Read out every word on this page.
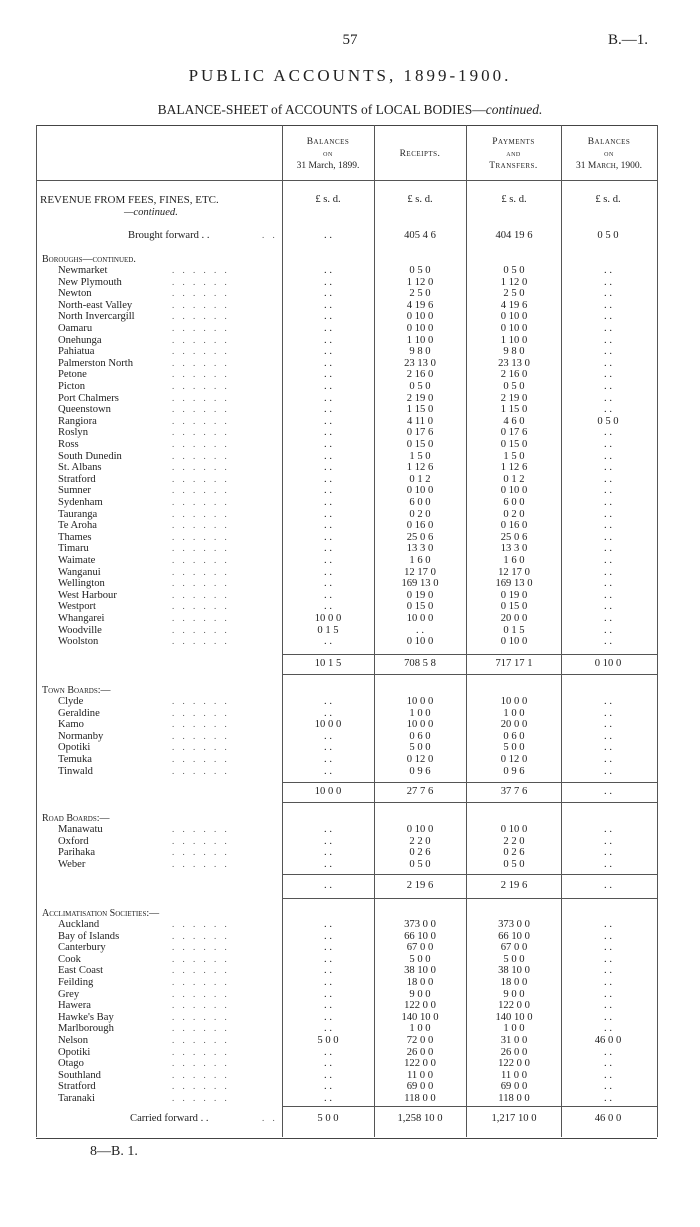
57	B.—1.
PUBLIC ACCOUNTS, 1899-1900.
BALANCE-SHEET of ACCOUNTS of LOCAL BODIES—continued.
Balances
on
31 March, 1899.
Receipts.
Payments
and
Transfers.
Balances
on
31 March, 1900.
£ s. d.	£ s. d.	£ s. d.	£ s. d.
REVENUE FROM FEES, FINES, ETC.
—continued.
Brought forward . .	. .	. .	405 4 6	404 19 6	0 5 0
Boroughs—continued.
Newmarket	. . . . . .	. .	0 5 0	0 5 0	. .
New Plymouth	. . . . . .	. .	1 12 0	1 12 0	. .
Newton	. . . . . .	. .	2 5 0	2 5 0	. .
North-east Valley	. . . . . .	. .	4 19 6	4 19 6	. .
North Invercargill	. . . . . .	. .	0 10 0	0 10 0	. .
Oamaru	. . . . . .	. .	0 10 0	0 10 0	. .
Onehunga	. . . . . .	. .	1 10 0	1 10 0	. .
Pahiatua	. . . . . .	. .	9 8 0	9 8 0	. .
Palmerston North	. . . . . .	. .	23 13 0	23 13 0	. .
Petone	. . . . . .	. .	2 16 0	2 16 0	. .
Picton	. . . . . .	. .	0 5 0	0 5 0	. .
Port Chalmers	. . . . . .	. .	2 19 0	2 19 0	. .
Queenstown	. . . . . .	. .	1 15 0	1 15 0	. .
Rangiora	. . . . . .	. .	4 11 0	4 6 0	0 5 0
Roslyn	. . . . . .	. .	0 17 6	0 17 6	. .
Ross	. . . . . .	. .	0 15 0	0 15 0	. .
South Dunedin	. . . . . .	. .	1 5 0	1 5 0	. .
St. Albans	. . . . . .	. .	1 12 6	1 12 6	. .
Stratford	. . . . . .	. .	0 1 2	0 1 2	. .
Sumner	. . . . . .	. .	0 10 0	0 10 0	. .
Sydenham	. . . . . .	. .	6 0 0	6 0 0	. .
Tauranga	. . . . . .	. .	0 2 0	0 2 0	. .
Te Aroha	. . . . . .	. .	0 16 0	0 16 0	. .
Thames	. . . . . .	. .	25 0 6	25 0 6	. .
Timaru	. . . . . .	. .	13 3 0	13 3 0	. .
Waimate	. . . . . .	. .	1 6 0	1 6 0	. .
Wanganui	. . . . . .	. .	12 17 0	12 17 0	. .
Wellington	. . . . . .	. .	169 13 0	169 13 0	. .
West Harbour	. . . . . .	. .	0 19 0	0 19 0	. .
Westport	. . . . . .	. .	0 15 0	0 15 0	. .
Whangarei	. . . . . .	10 0 0	10 0 0	20 0 0	. .
Woodville	. . . . . .	0 1 5	. .	0 1 5	. .
Woolston	. . . . . .	. .	0 10 0	0 10 0	. .
10 1 5	708 5 8	717 17 1	0 10 0
Town Boards:—
Clyde	. . . . . .	. .	10 0 0	10 0 0	. .
Geraldine	. . . . . .	. .	1 0 0	1 0 0	. .
Kamo	. . . . . .	10 0 0	10 0 0	20 0 0	. .
Normanby	. . . . . .	. .	0 6 0	0 6 0	. .
Opotiki	. . . . . .	. .	5 0 0	5 0 0	. .
Temuka	. . . . . .	. .	0 12 0	0 12 0	. .
Tinwald	. . . . . .	. .	0 9 6	0 9 6	. .
10 0 0	27 7 6	37 7 6	. .
Road Boards:—
Manawatu	. . . . . .	. .	0 10 0	0 10 0	. .
Oxford	. . . . . .	. .	2 2 0	2 2 0	. .
Parihaka	. . . . . .	. .	0 2 6	0 2 6	. .
Weber	. . . . . .	. .	0 5 0	0 5 0	. .
. .	2 19 6	2 19 6	. .
Acclimatisation Societies:—
Auckland	. . . . . .	. .	373 0 0	373 0 0	. .
Bay of Islands	. . . . . .	. .	66 10 0	66 10 0	. .
Canterbury	. . . . . .	. .	67 0 0	67 0 0	. .
Cook	. . . . . .	. .	5 0 0	5 0 0	. .
East Coast	. . . . . .	. .	38 10 0	38 10 0	. .
Feilding	. . . . . .	. .	18 0 0	18 0 0	. .
Grey	. . . . . .	. .	9 0 0	9 0 0	. .
Hawera	. . . . . .	. .	122 0 0	122 0 0	. .
Hawke's Bay	. . . . . .	. .	140 10 0	140 10 0	. .
Marlborough	. . . . . .	. .	1 0 0	1 0 0	. .
Nelson	. . . . . .	5 0 0	72 0 0	31 0 0	46 0 0
Opotiki	. . . . . .	. .	26 0 0	26 0 0	. .
Otago	. . . . . .	. .	122 0 0	122 0 0	. .
Southland	. . . . . .	. .	11 0 0	11 0 0	. .
Stratford	. . . . . .	. .	69 0 0	69 0 0	. .
Taranaki	. . . . . .	. .	118 0 0	118 0 0	. .
Carried forward . .	. .	5 0 0	1,258 10 0	1,217 10 0	46 0 0
8—B. 1.
